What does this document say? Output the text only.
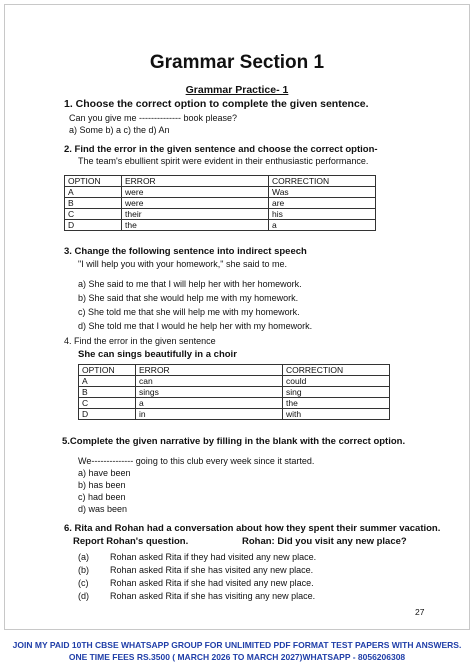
Grammar Section 1
Grammar Practice- 1
1. Choose the correct option to complete the given sentence.
Can you give me -------------- book please?
a) Some b) a c) the d) An
2. Find the error in the given sentence and choose the correct option-
The team's ebullient spirit were evident in their enthusiastic performance.
OPTION	ERROR	CORRECTION
A	were	Was
B	were	are
C	their	his
D	the	a
3. Change the following sentence into indirect speech
"I will help you with your homework," she said to me.
a) She said to me that I will help her with her homework.
b) She said that she would help me with my homework.
c) She told me that she will help me with my homework.
d) She told me that I would he help her with my homework.
4. Find the error in the given sentence
She can sings beautifully in a choir
OPTION	ERROR	CORRECTION
A	can	could
B	sings	sing
C	a	the
D	in	with
5.Complete the given narrative by filling in the blank with the correct option.
We-------------- going to this club every week since it started.
a) have been
b) has been
c) had been
d) was been
6. Rita and Rohan had a conversation about how they spent their summer vacation.
Report Rohan's question.	Rohan: Did you visit any new place?
(a) Rohan asked Rita if they had visited any new place.
(b) Rohan asked Rita if she has visited any new place.
(c) Rohan asked Rita if she had visited any new place.
(d) Rohan asked Rita if she has visiting any new place.
27
JOIN MY PAID 10TH CBSE WHATSAPP GROUP FOR UNLIMITED PDF FORMAT TEST PAPERS WITH ANSWERS.
ONE TIME FEES RS.3500 ( MARCH 2026 TO MARCH 2027)WHATSAPP - 8056206308
